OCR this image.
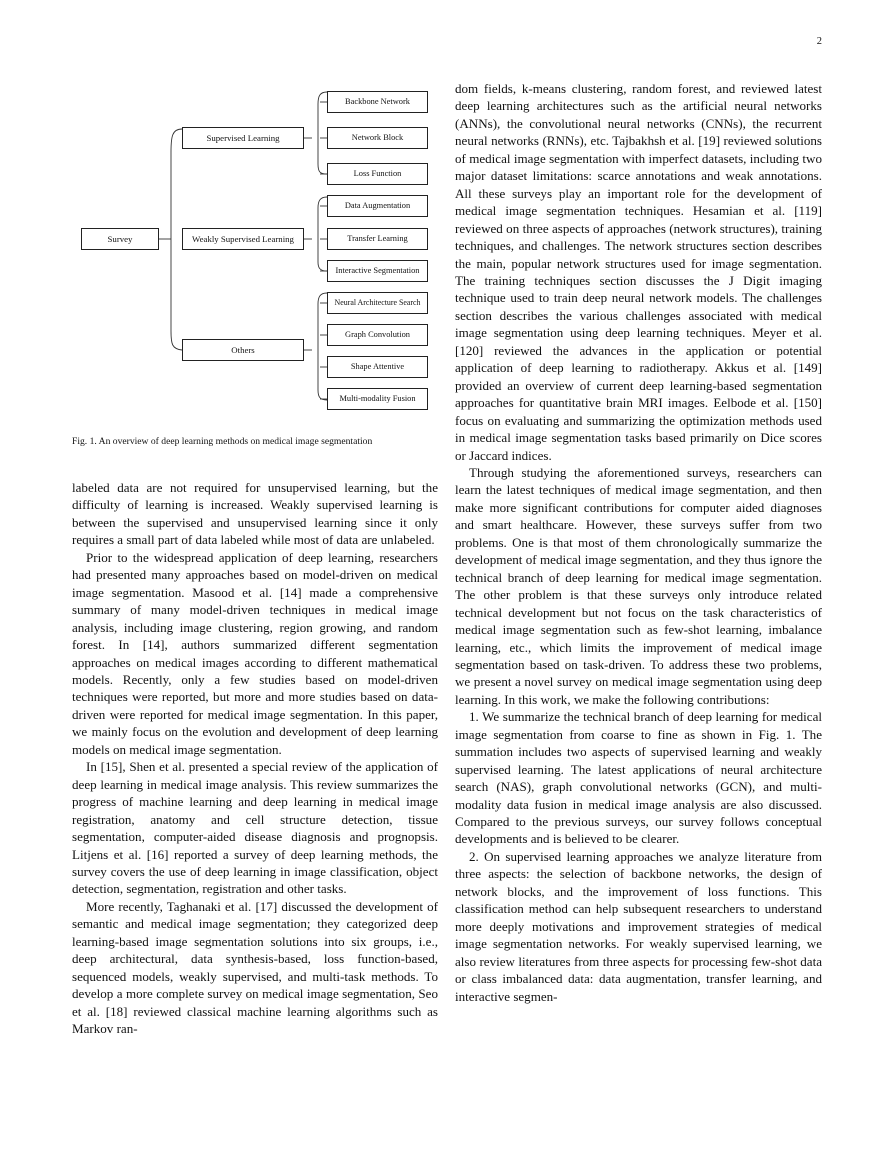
2
Survey
Supervised Learning
Weakly Supervised Learning
Others
Backbone Network
Network Block
Loss Function
Data Augmentation
Transfer Learning
Interactive Segmentation
Neural Architecture Search
Graph Convolution
Shape Attentive
Multi-modality Fusion
Fig. 1. An overview of deep learning methods on medical image segmentation

labeled data are not required for unsupervised learning, but the difficulty of learning is increased. Weakly supervised learning is between the supervised and unsupervised learning since it only requires a small part of data labeled while most of data are unlabeled.

Prior to the widespread application of deep learning, researchers had presented many approaches based on model-driven on medical image segmentation. Masood et al. [14] made a comprehensive summary of many model-driven techniques in medical image analysis, including image clustering, region growing, and random forest. In [14], authors summarized different segmentation approaches on medical images according to different mathematical models. Recently, only a few studies based on model-driven techniques were reported, but more and more studies based on data-driven were reported for medical image segmentation. In this paper, we mainly focus on the evolution and development of deep learning models on medical image segmentation.

In [15], Shen et al. presented a special review of the application of deep learning in medical image analysis. This review summarizes the progress of machine learning and deep learning in medical image registration, anatomy and cell structure detection, tissue segmentation, computer-aided disease diagnosis and prognopsis. Litjens et al. [16] reported a survey of deep learning methods, the survey covers the use of deep learning in image classification, object detection, segmentation, registration and other tasks.

More recently, Taghanaki et al. [17] discussed the development of semantic and medical image segmentation; they categorized deep learning-based image segmentation solutions into six groups, i.e., deep architectural, data synthesis-based, loss function-based, sequenced models, weakly supervised, and multi-task methods. To develop a more complete survey on medical image segmentation, Seo et al. [18] reviewed classical machine learning algorithms such as Markov ran-

dom fields, k-means clustering, random forest, and reviewed latest deep learning architectures such as the artificial neural networks (ANNs), the convolutional neural networks (CNNs), the recurrent neural networks (RNNs), etc. Tajbakhsh et al. [19] reviewed solutions of medical image segmentation with imperfect datasets, including two major dataset limitations: scarce annotations and weak annotations. All these surveys play an important role for the development of medical image segmentation techniques. Hesamian et al. [119] reviewed on three aspects of approaches (network structures), training techniques, and challenges. The network structures section describes the main, popular network structures used for image segmentation. The training techniques section discusses the J Digit imaging technique used to train deep neural network models. The challenges section describes the various challenges associated with medical image segmentation using deep learning techniques. Meyer et al. [120] reviewed the advances in the application or potential application of deep learning to radiotherapy. Akkus et al. [149] provided an overview of current deep learning-based segmentation approaches for quantitative brain MRI images. Eelbode et al. [150] focus on evaluating and summarizing the optimization methods used in medical image segmentation tasks based primarily on Dice scores or Jaccard indices.

Through studying the aforementioned surveys, researchers can learn the latest techniques of medical image segmentation, and then make more significant contributions for computer aided diagnoses and smart healthcare. However, these surveys suffer from two problems. One is that most of them chronologically summarize the development of medical image segmentation, and they thus ignore the technical branch of deep learning for medical image segmentation. The other problem is that these surveys only introduce related technical development but not focus on the task characteristics of medical image segmentation such as few-shot learning, imbalance learning, etc., which limits the improvement of medical image segmentation based on task-driven. To address these two problems, we present a novel survey on medical image segmentation using deep learning. In this work, we make the following contributions:

1. We summarize the technical branch of deep learning for medical image segmentation from coarse to fine as shown in Fig. 1. The summation includes two aspects of supervised learning and weakly supervised learning. The latest applications of neural architecture search (NAS), graph convolutional networks (GCN), and multi-modality data fusion in medical image analysis are also discussed. Compared to the previous surveys, our survey follows conceptual developments and is believed to be clearer.

2. On supervised learning approaches we analyze literature from three aspects: the selection of backbone networks, the design of network blocks, and the improvement of loss functions. This classification method can help subsequent researchers to understand more deeply motivations and improvement strategies of medical image segmentation networks. For weakly supervised learning, we also review literatures from three aspects for processing few-shot data or class imbalanced data: data augmentation, transfer learning, and interactive segmen-
